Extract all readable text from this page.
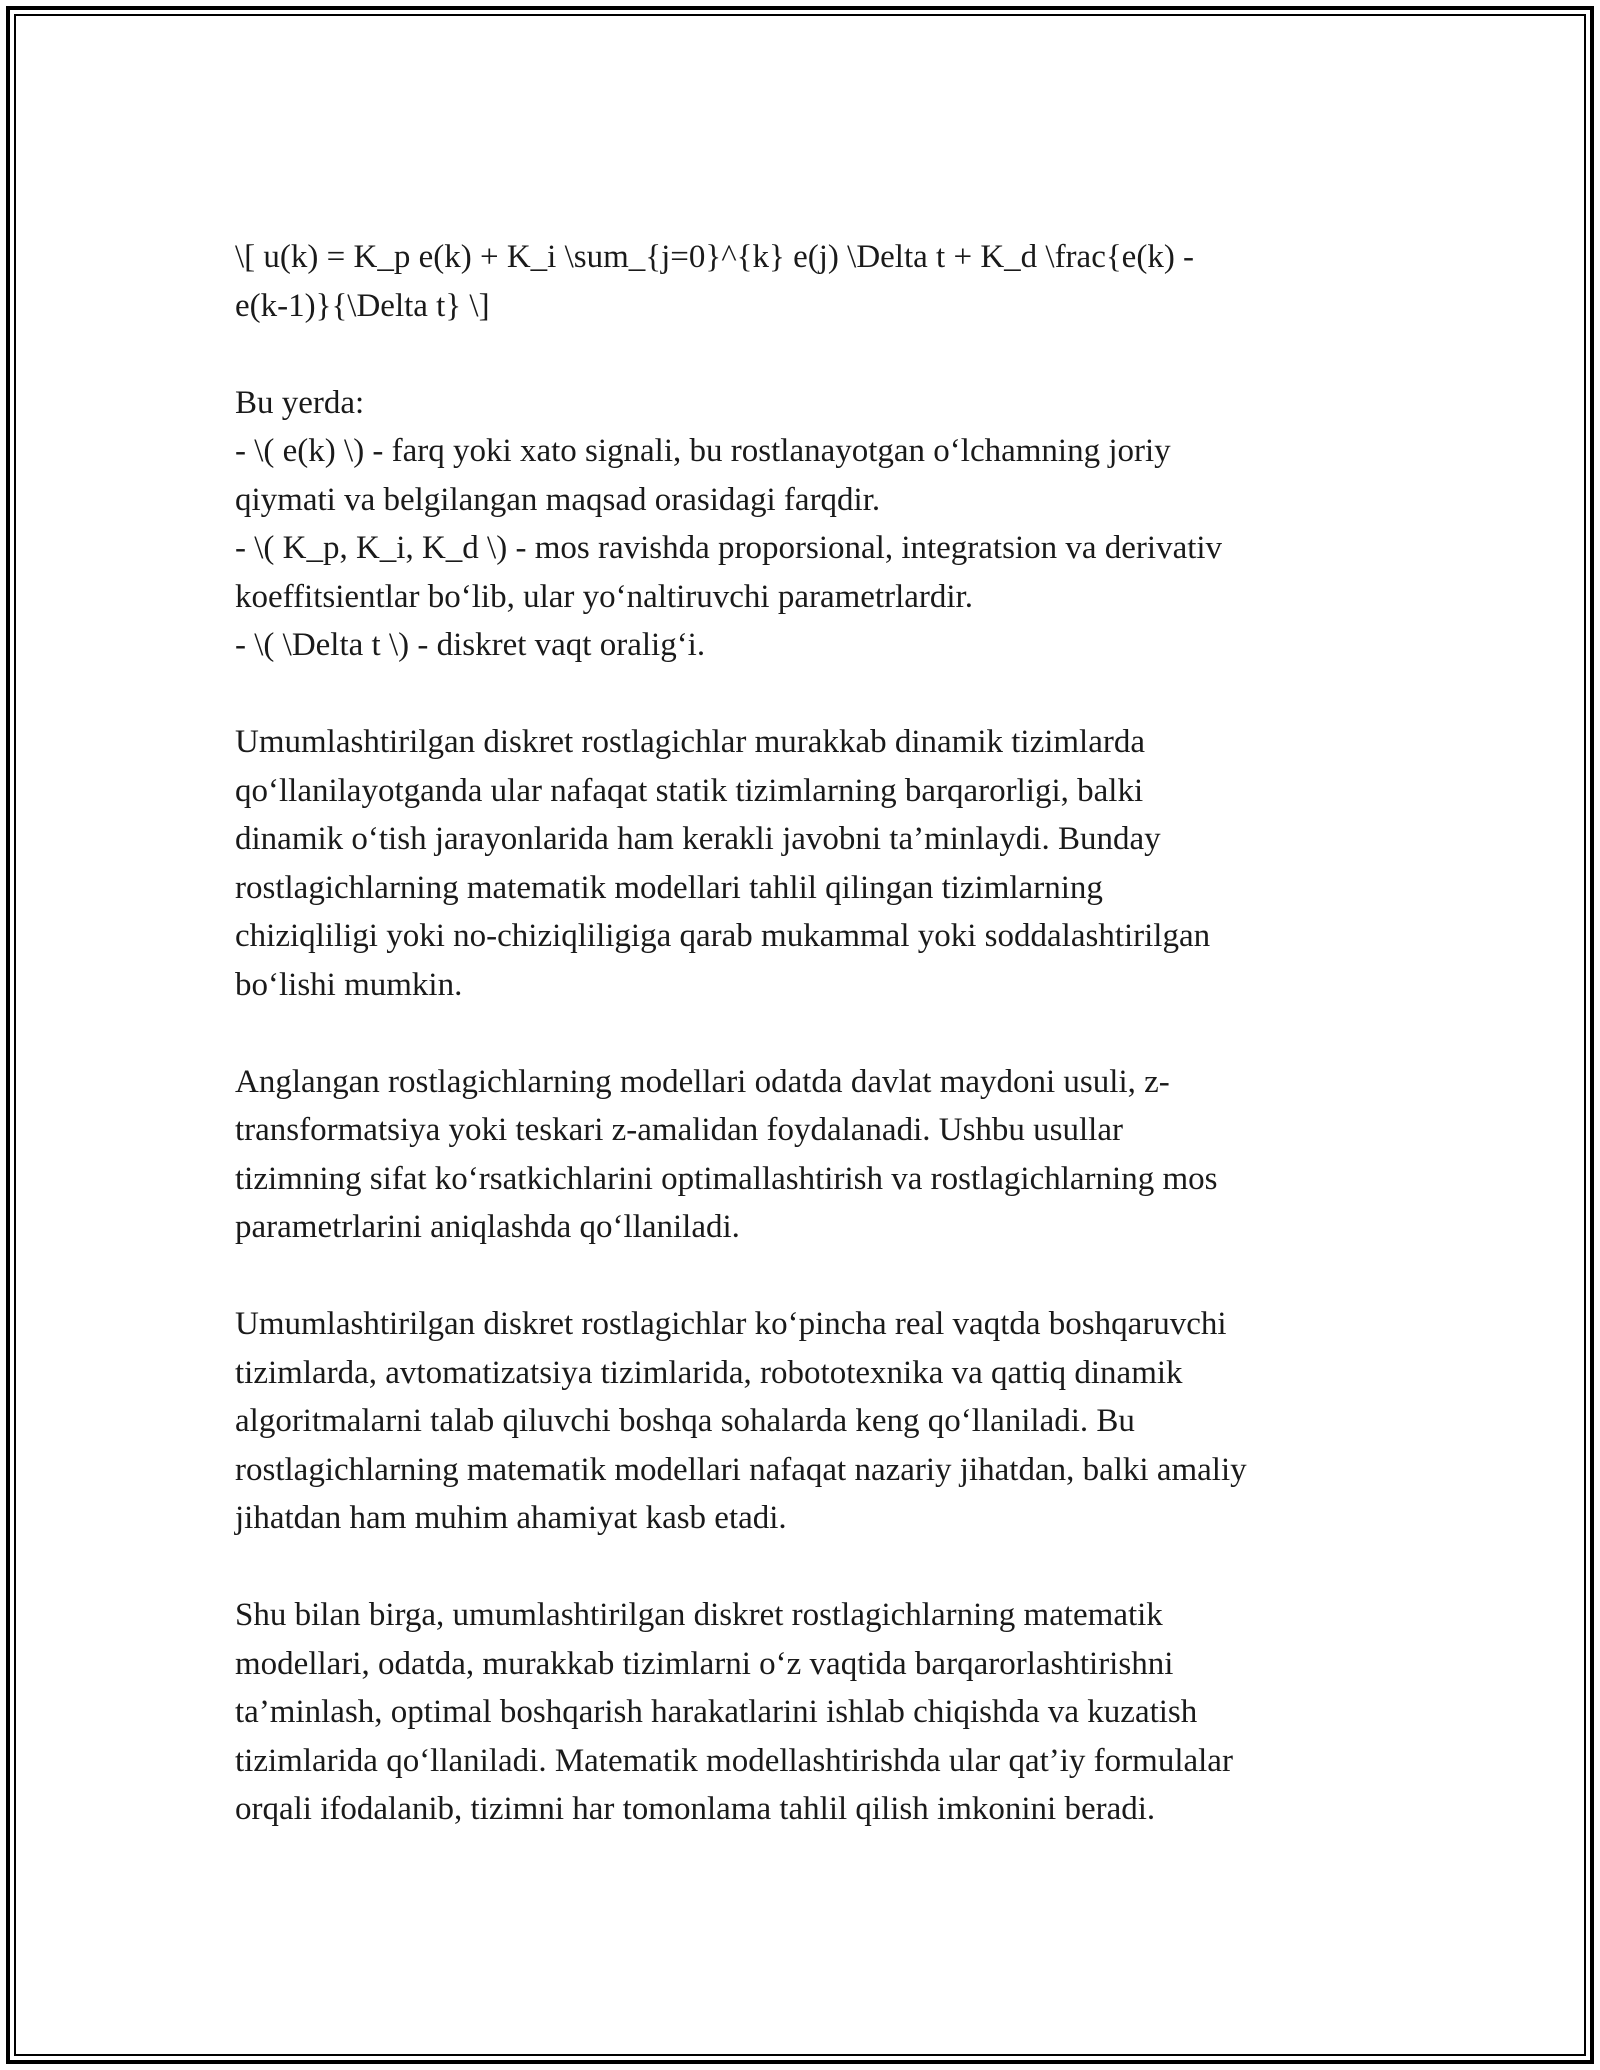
\[ u(k) = K_p e(k) + K_i \sum_{j=0}^{k} e(j) \Delta t + K_d \frac{e(k) -
e(k-1)}{\Delta t} \]
Bu yerda:
- \( e(k) \) - farq yoki xato signali, bu rostlanayotgan o‘lchamning joriy
qiymati va belgilangan maqsad orasidagi farqdir.
- \( K_p, K_i, K_d \) - mos ravishda proporsional, integratsion va derivativ
koeffitsientlar bo‘lib, ular yo‘naltiruvchi parametrlardir.
- \( \Delta t \) - diskret vaqt oralig‘i.
Umumlashtirilgan diskret rostlagichlar murakkab dinamik tizimlarda
qo‘llanilayotganda ular nafaqat statik tizimlarning barqarorligi, balki
dinamik o‘tish jarayonlarida ham kerakli javobni ta’minlaydi. Bunday
rostlagichlarning matematik modellari tahlil qilingan tizimlarning
chiziqliligi yoki no-chiziqliligiga qarab mukammal yoki soddalashtirilgan
bo‘lishi mumkin.
Anglangan rostlagichlarning modellari odatda davlat maydoni usuli, z-
transformatsiya yoki teskari z-amalidan foydalanadi. Ushbu usullar
tizimning sifat ko‘rsatkichlarini optimallashtirish va rostlagichlarning mos
parametrlarini aniqlashda qo‘llaniladi.
Umumlashtirilgan diskret rostlagichlar ko‘pincha real vaqtda boshqaruvchi
tizimlarda, avtomatizatsiya tizimlarida, robototexnika va qattiq dinamik
algoritmalarni talab qiluvchi boshqa sohalarda keng qo‘llaniladi. Bu
rostlagichlarning matematik modellari nafaqat nazariy jihatdan, balki amaliy
jihatdan ham muhim ahamiyat kasb etadi.
Shu bilan birga, umumlashtirilgan diskret rostlagichlarning matematik
modellari, odatda, murakkab tizimlarni o‘z vaqtida barqarorlashtirishni
ta’minlash, optimal boshqarish harakatlarini ishlab chiqishda va kuzatish
tizimlarida qo‘llaniladi. Matematik modellashtirishda ular qat’iy formulalar
orqali ifodalanib, tizimni har tomonlama tahlil qilish imkonini beradi.
